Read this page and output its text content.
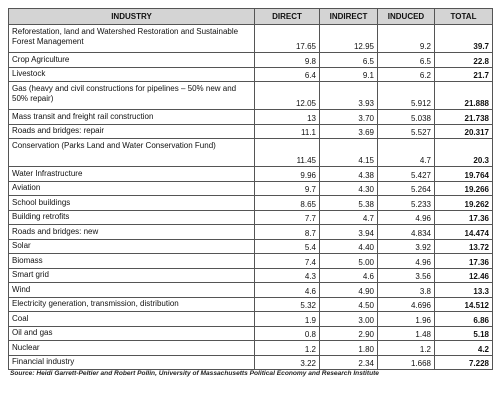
INDUSTRY	DIRECT	INDIRECT	INDUCED	TOTAL
Reforestation, land and Watershed Restoration and Sustainable Forest Management	17.65	12.95	9.2	39.7
Crop Agriculture	9.8	6.5	6.5	22.8
Livestock	6.4	9.1	6.2	21.7
Gas (heavy and civil constructions for pipelines – 50% new and 50% repair)	12.05	3.93	5.912	21.888
Mass transit and freight rail construction	13	3.70	5.038	21.738
Roads and bridges: repair	11.1	3.69	5.527	20.317
Conservation (Parks Land and Water Conservation Fund)	11.45	4.15	4.7	20.3
Water Infrastructure	9.96	4.38	5.427	19.764
Aviation	9.7	4.30	5.264	19.266
School buildings	8.65	5.38	5.233	19.262
Building retrofits	7.7	4.7	4.96	17.36
Roads and bridges: new	8.7	3.94	4.834	14.474
Solar	5.4	4.40	3.92	13.72
Biomass	7.4	5.00	4.96	17.36
Smart grid	4.3	4.6	3.56	12.46
Wind	4.6	4.90	3.8	13.3
Electricity generation, transmission, distribution	5.32	4.50	4.696	14.512
Coal	1.9	3.00	1.96	6.86
Oil and gas	0.8	2.90	1.48	5.18
Nuclear	1.2	1.80	1.2	4.2
Financial industry	3.22	2.34	1.668	7.228
Source: Heidi Garrett-Peltier and Robert Pollin, University of Massachusetts Political Economy and Research Institute
